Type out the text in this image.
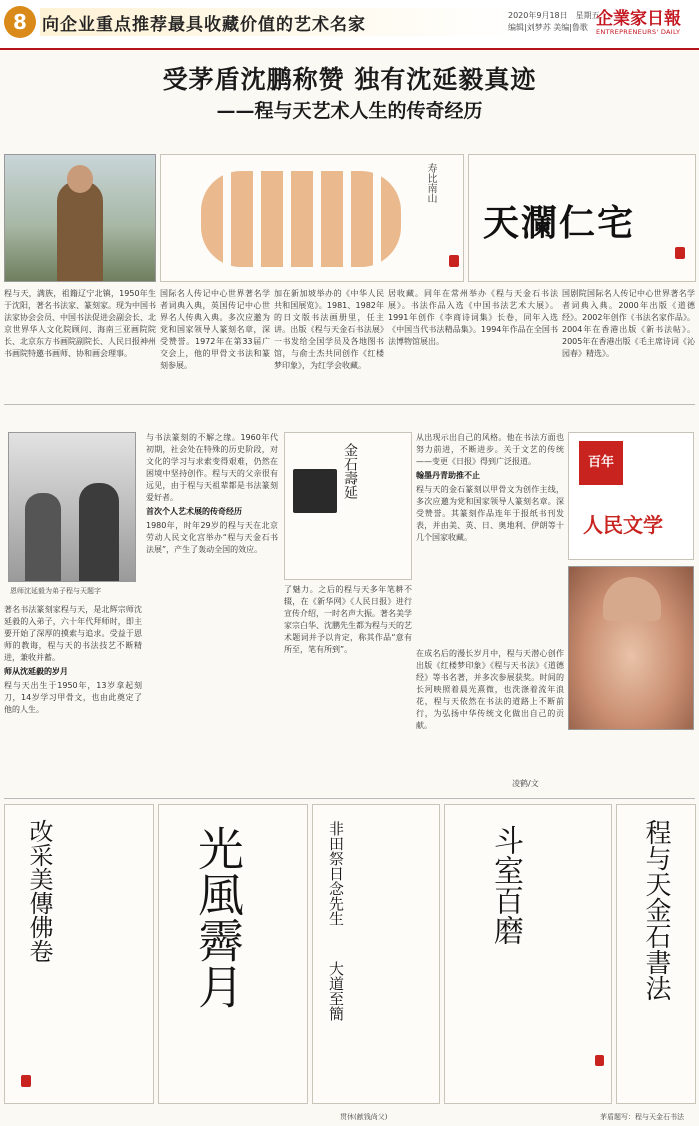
8 向企业重点推荐最具收藏价值的艺术名家	2020年9月18日　星期五
编辑|刘梦苏 美编|鲁歌 企業家日報
ENTREPRENEURS' DAILY
受茅盾沈鹏称赞 独有沈延毅真迹
——程与天艺术人生的传奇经历
寿比南山
天瀾仁宅
程与天，满族，祖籍辽宁北镇，1950年生于沈阳，著名书法家、篆刻家。现为中国书法家协会会员、中国书法促进会副会长、北京世界华人文化院顾问、海南三亚画院院长、北京东方书画院副院长、人民日报神州书画院特邀书画师、协和画会理事。
国际名人传记中心世界著名学者词典入典，英国传记中心世界名人传典入典。多次应邀为党和国家领导人篆刻名章，深受赞誉。1972年在第33届广交会上，他的甲骨文书法和篆刻参展。
加在新加坡举办的《中华人民共和国展览》。1981、1982年的日文版书法画册里，任主讲。出版《程与天金石书法展》一书发给全国学员及各地图书馆，与俞士杰共同创作《红楼梦印象》，为红学会收藏。
居收藏。同年在常州举办《程与天金石书法展》。书法作品入选《中国书法艺术大展》。1991年创作《李商诗词集》长卷，同年入选《中国当代书法精品集》。1994年作品在全国书法博物馆展出。
国剧院国际名人传记中心世界著名学者词典入典。2000年出版《道德经》。2002年创作《书法名家作品》。2004年在香港出版《新书法帖》。2005年在香港出版《毛主席诗词《沁园春》精选》。
恩师沈延毅为弟子程与天题字
著名书法篆刻家程与天，是北辉宗师沈延毅的入弟子，六十年代拜师时，即主要开始了深厚的摸索与追求。受益于恩师的教诲，程与天的书法技艺不断精进，兼收并蓄。
师从沈延毅的岁月
程与天出生于1950年，13岁拿起刻刀，14岁学习甲骨文，也由此奠定了他的人生。
与书法篆刻的不解之缘。1960年代初期，社会处在特殊的历史阶段，对文化的学习与求索变得艰难，仍然在困境中坚持创作。程与天的父亲很有远见，由于程与天祖辈都是书法篆刻爱好者。
首次个人艺术展的传奇经历
1980年，时年29岁的程与天在北京劳动人民文化宫举办“程与天金石书法展”，产生了轰动全国的效应。
金石壽延
了魅力。之后的程与天多年笔耕不辍，在《新华网》《人民日报》进行宣传介绍，一时名声大振。著名美学家宗白华、沈鹏先生都为程与天的艺术题词并予以肯定，称其作品“意有所至，笔有所到”。
从出现示出自己的风格。他在书法方面也努力前进，不断进步。关于文艺的传统——变更《日报》得到广泛报道。
翰墨丹青助推不止
程与天的金石篆刻以甲骨文为创作主线，多次应邀为党和国家领导人篆刻名章。深受赞誉。其篆刻作品连年于报纸书刊发表，并由美、英、日、奥地利、伊朗等十几个国家收藏。
百年
人民文学
在成名后的漫长岁月中，程与天潜心创作出版《红楼梦印象》《程与天书法》《道德经》等书名著，并多次参展获奖。时间的长河映照着晨光熹微，也洗涤着流年浪花，程与天依然在书法的道路上不断前行，为弘扬中华传统文化做出自己的贡献。
凌鹤/文
改采美傳佛卷	光風霽月	非田祭日念先生
大道至簡
斗室百磨	程与天金石書法
贯休(献钱尚父)	茅盾题写：程与天金石书法
